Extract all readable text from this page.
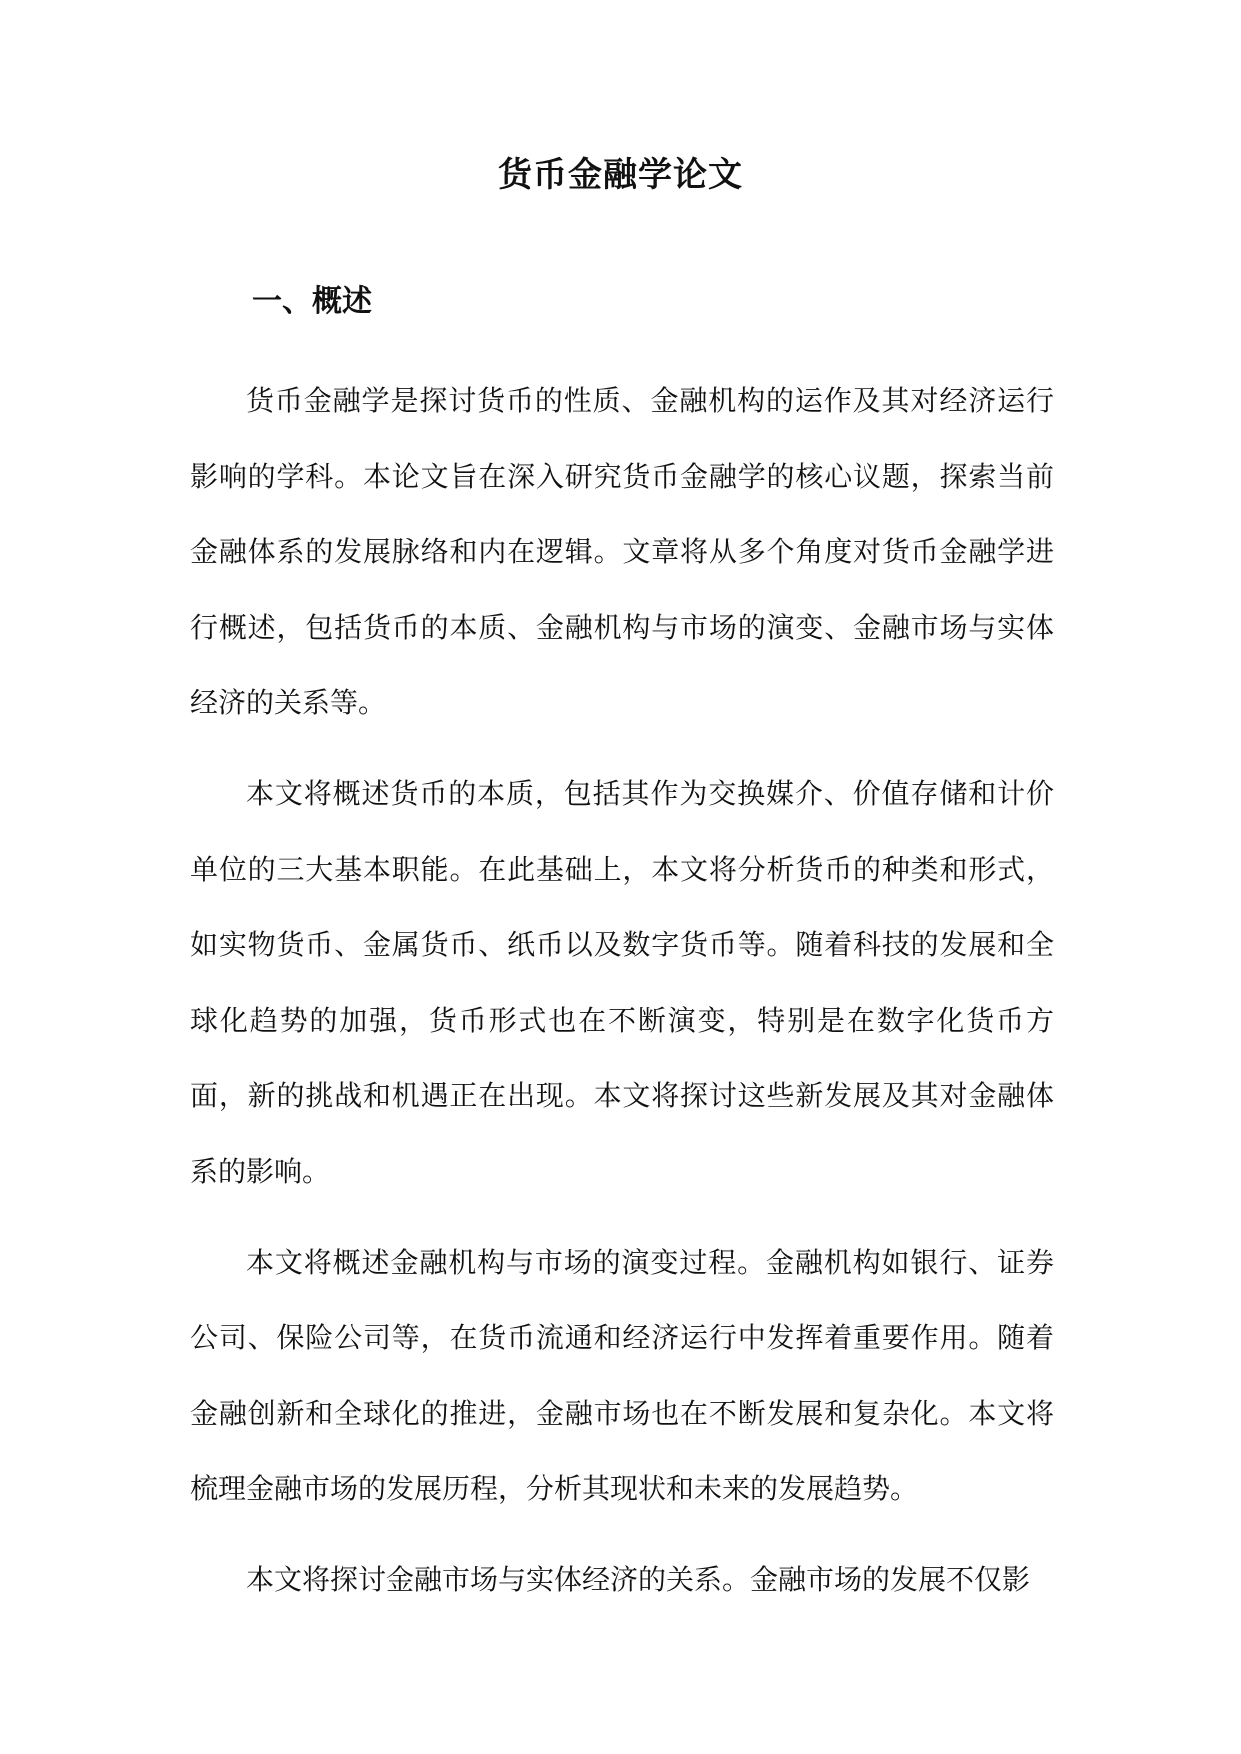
货币金融学论文
一、概述

货币金融学是探讨货币的性质、金融机构的运作及其对经济运行影响的学科。本论文旨在深入研究货币金融学的核心议题，探索当前金融体系的发展脉络和内在逻辑。文章将从多个角度对货币金融学进行概述，包括货币的本质、金融机构与市场的演变、金融市场与实体经济的关系等。

本文将概述货币的本质，包括其作为交换媒介、价值存储和计价单位的三大基本职能。在此基础上，本文将分析货币的种类和形式，如实物货币、金属货币、纸币以及数字货币等。随着科技的发展和全球化趋势的加强，货币形式也在不断演变，特别是在数字化货币方面，新的挑战和机遇正在出现。本文将探讨这些新发展及其对金融体系的影响。

本文将概述金融机构与市场的演变过程。金融机构如银行、证券公司、保险公司等，在货币流通和经济运行中发挥着重要作用。随着金融创新和全球化的推进，金融市场也在不断发展和复杂化。本文将梳理金融市场的发展历程，分析其现状和未来的发展趋势。

本文将探讨金融市场与实体经济的关系。金融市场的发展不仅影
